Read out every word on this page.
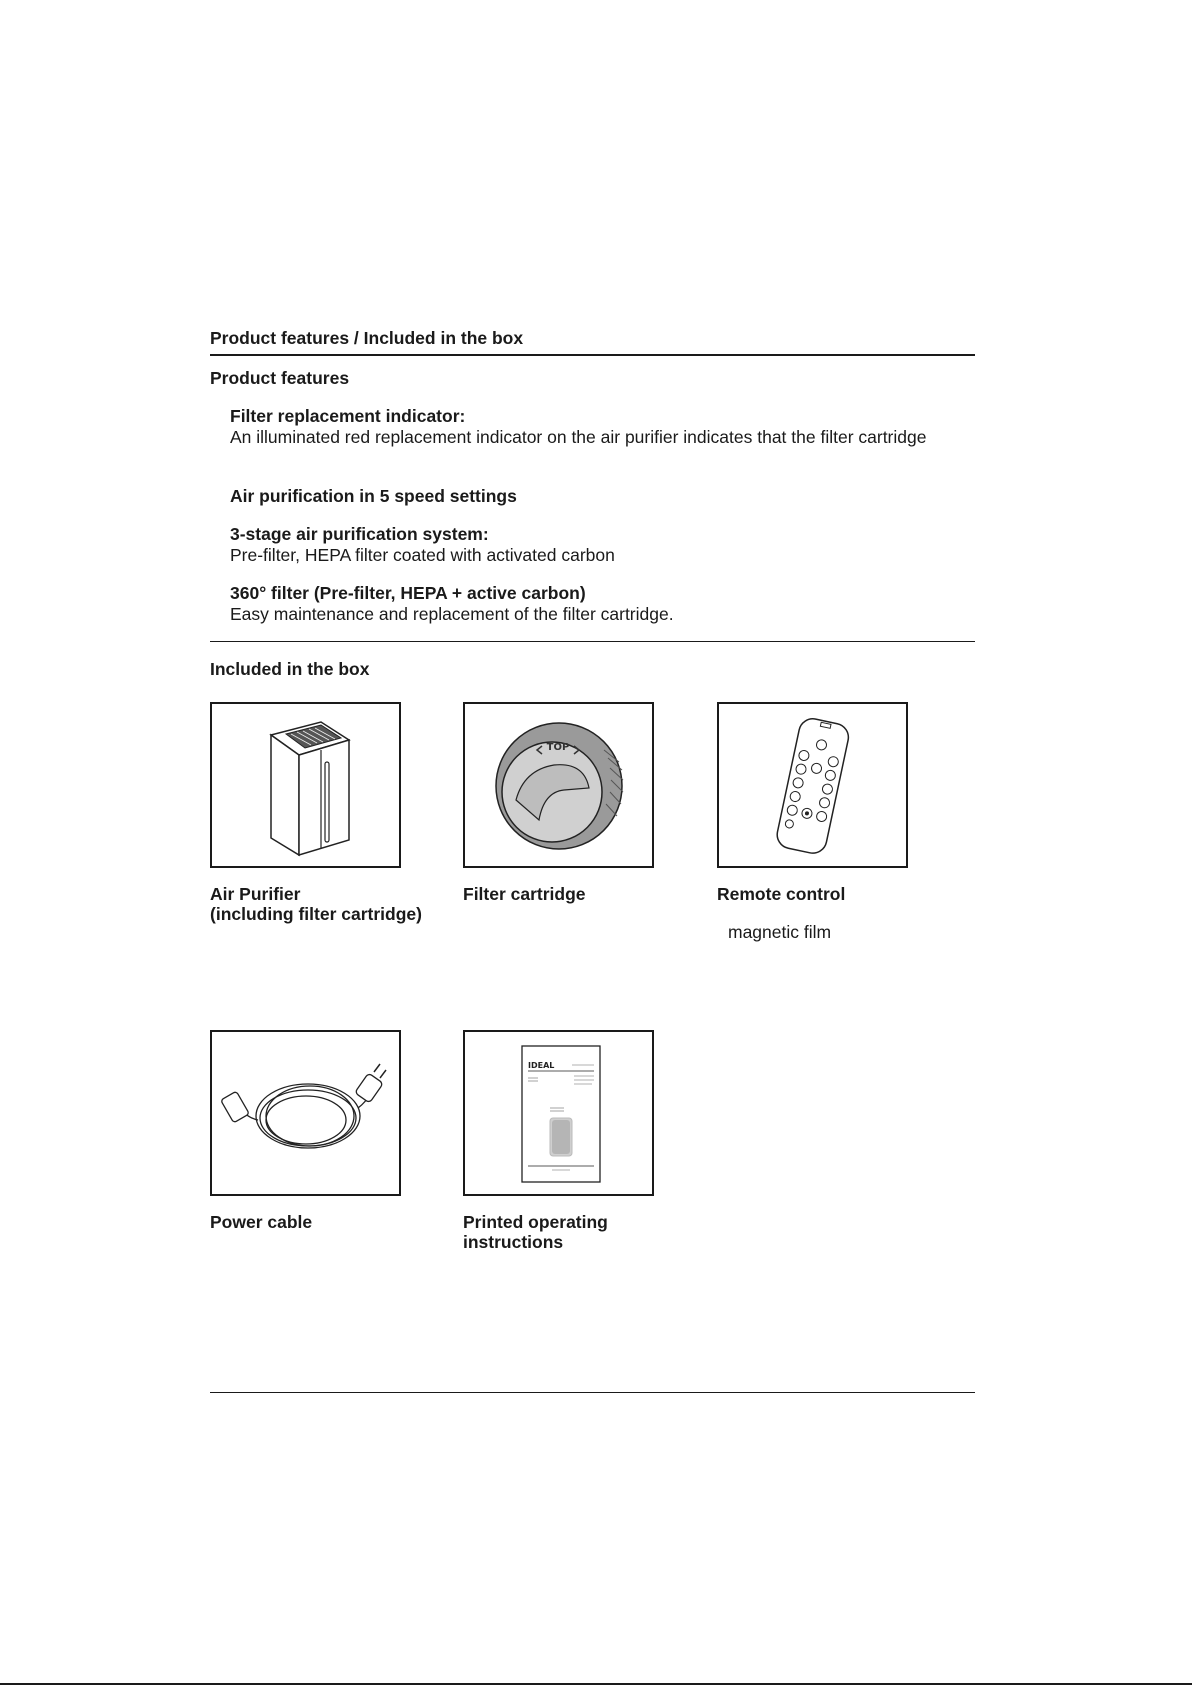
Product features / Included in the box
Product features
Filter replacement indicator:
An illuminated red replacement indicator on the air purifier indicates that the filter cartridge
Air purification in 5 speed settings
3-stage air purification system:
Pre-filter, HEPA filter coated with activated carbon
360° filter (Pre-filter, HEPA + active carbon)
Easy maintenance and replacement of the filter cartridge.
Included in the box
Air Purifier
(including filter cartridge)
TOP
Filter cartridge	Remote control
magnetic film
Power cable
IDEAL
Printed operating
instructions
